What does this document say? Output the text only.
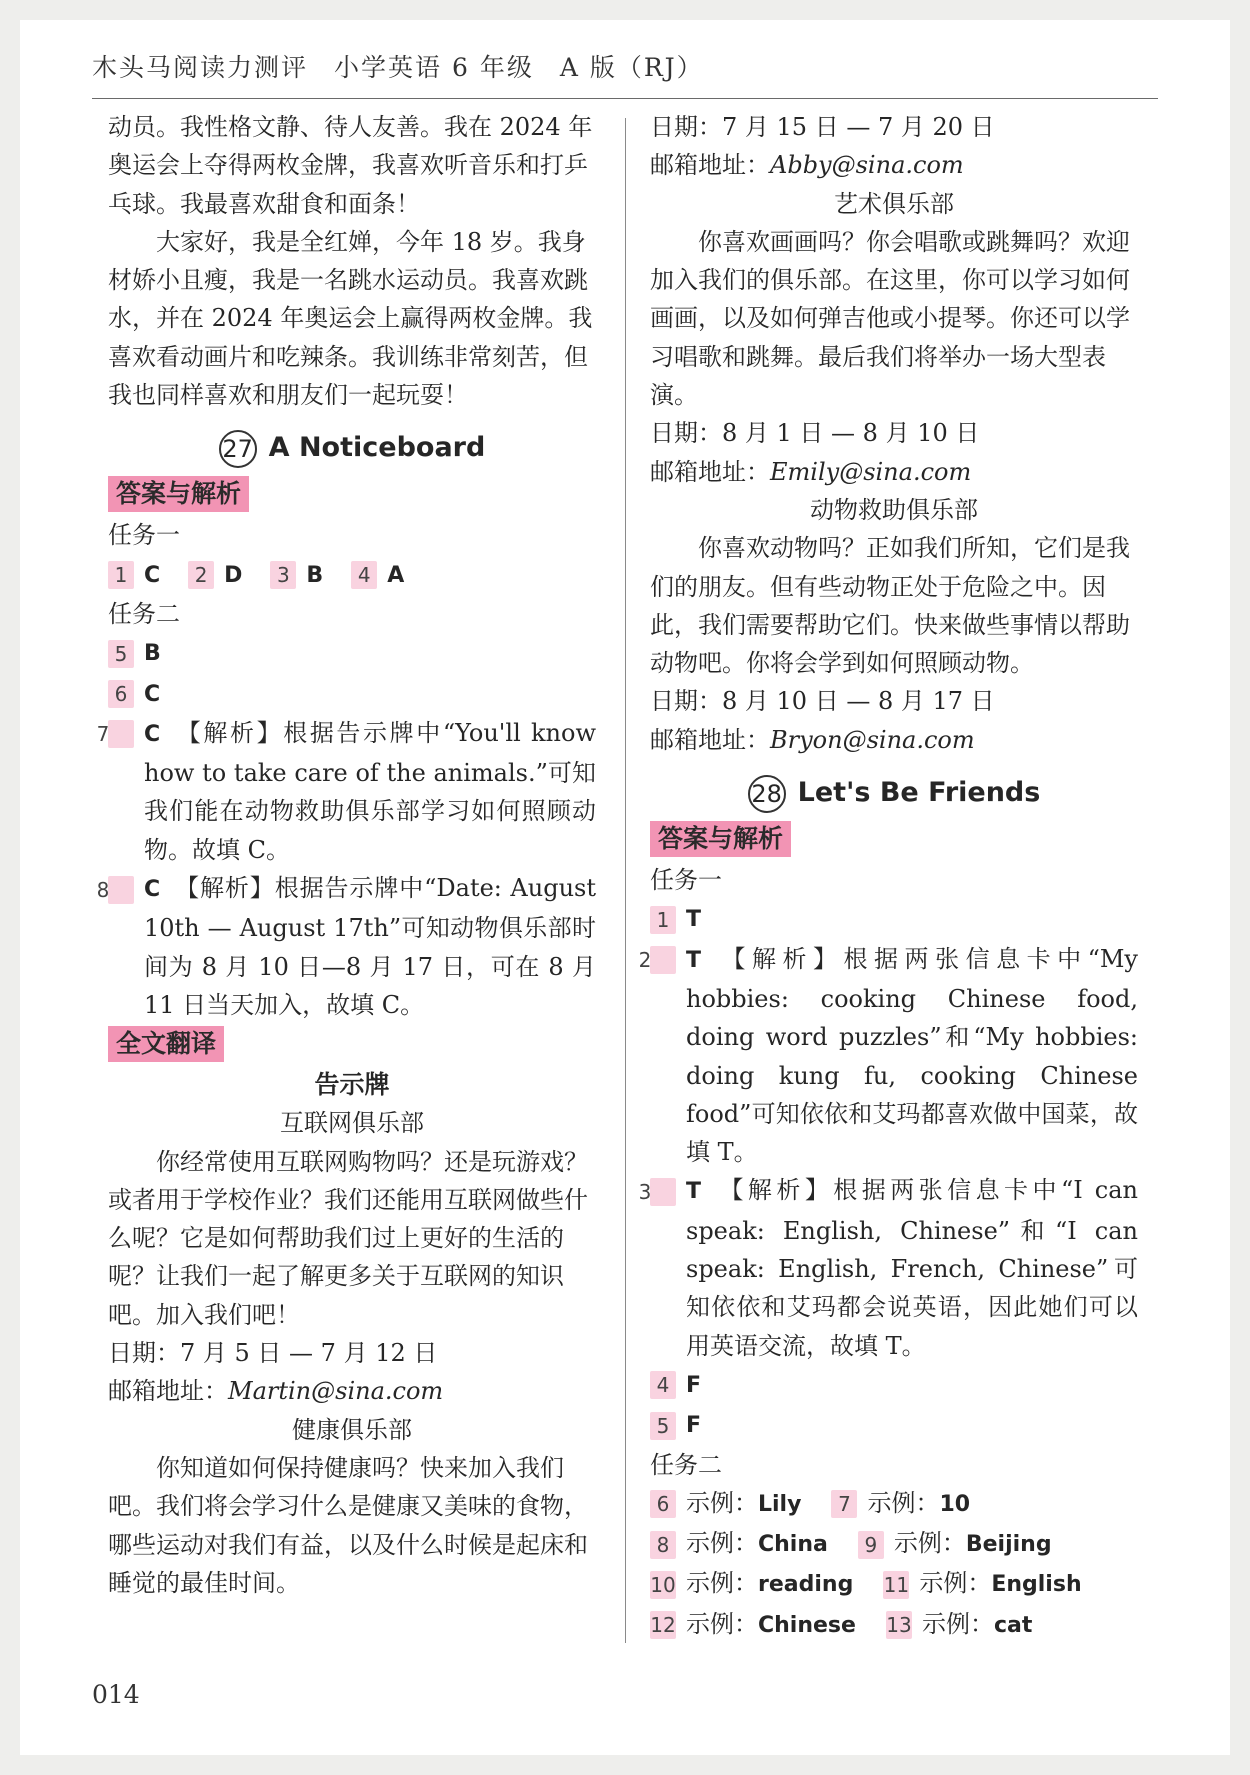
木头马阅读力测评 小学英语 6 年级 A 版（RJ）

动员。我性格文静、待人友善。我在 2024 年奥运会上夺得两枚金牌，我喜欢听音乐和打乒乓球。我最喜欢甜食和面条！

大家好，我是全红婵，今年 18 岁。我身材娇小且瘦，我是一名跳水运动员。我喜欢跳水，并在 2024 年奥运会上赢得两枚金牌。我喜欢看动画片和吃辣条。我训练非常刻苦，但我也同样喜欢和朋友们一起玩耍！

27 A Noticeboard
答案与解析

任务一

1 C 2 D 3 B 4 A

任务二

5 B

6 C

7 C 【解析】根据告示牌中“You'll know how to take care of the animals.”可知我们能在动物救助俱乐部学习如何照顾动物。故填 C。

8 C 【解析】根据告示牌中“Date: August 10th — August 17th”可知动物俱乐部时间为 8 月 10 日—8 月 17 日，可在 8 月 11 日当天加入，故填 C。

全文翻译

告示牌

互联网俱乐部

你经常使用互联网购物吗？还是玩游戏？或者用于学校作业？我们还能用互联网做些什么呢？它是如何帮助我们过上更好的生活的呢？让我们一起了解更多关于互联网的知识吧。加入我们吧！

日期：7 月 5 日 — 7 月 12 日

邮箱地址：Martin@sina.com

健康俱乐部

你知道如何保持健康吗？快来加入我们吧。我们将会学习什么是健康又美味的食物，哪些运动对我们有益，以及什么时候是起床和睡觉的最佳时间。

日期：7 月 15 日 — 7 月 20 日

邮箱地址：Abby@sina.com

艺术俱乐部

你喜欢画画吗？你会唱歌或跳舞吗？欢迎加入我们的俱乐部。在这里，你可以学习如何画画，以及如何弹吉他或小提琴。你还可以学习唱歌和跳舞。最后我们将举办一场大型表演。

日期：8 月 1 日 — 8 月 10 日

邮箱地址：Emily@sina.com

动物救助俱乐部

你喜欢动物吗？正如我们所知，它们是我们的朋友。但有些动物正处于危险之中。因此，我们需要帮助它们。快来做些事情以帮助动物吧。你将会学到如何照顾动物。

日期：8 月 10 日 — 8 月 17 日

邮箱地址：Bryon@sina.com

28 Let's Be Friends
答案与解析

任务一

1 T

2 T 【解析】根据两张信息卡中“My hobbies: cooking Chinese food, doing word puzzles”和“My hobbies: doing kung fu, cooking Chinese food”可知依依和艾玛都喜欢做中国菜，故填 T。

3 T 【解析】根据两张信息卡中“I can speak: English, Chinese”和“I can speak: English, French, Chinese”可知依依和艾玛都会说英语，因此她们可以用英语交流，故填 T。

4 F

5 F

任务二

6 示例：Lily 7 示例：10

8 示例：China 9 示例：Beijing

10 示例：reading 11 示例：English

12 示例：Chinese 13 示例：cat

014
